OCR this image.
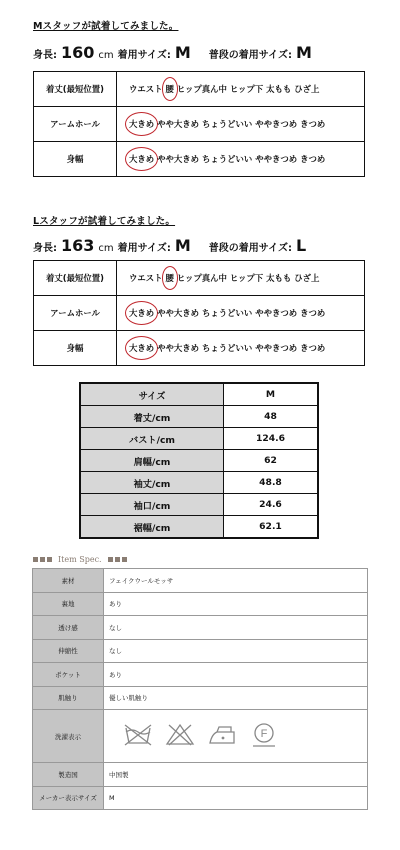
Mスタッフが試着してみました。
身長: 160 cm 着用サイズ: M 普段の着用サイズ: M
着丈(最短位置)	ウエスト 腰 ヒップ真ん中 ヒップ下 太もも ひざ上
アームホール	大きめ やや大きめ ちょうどいい ややきつめ きつめ
身幅	大きめ やや大きめ ちょうどいい ややきつめ きつめ
Lスタッフが試着してみました。
身長: 163 cm 着用サイズ: M 普段の着用サイズ: L
着丈(最短位置)	ウエスト 腰 ヒップ真ん中 ヒップ下 太もも ひざ上
アームホール	大きめ やや大きめ ちょうどいい ややきつめ きつめ
身幅	大きめ やや大きめ ちょうどいい ややきつめ きつめ
サイズ	M
着丈/cm	48
バスト/cm	124.6
肩幅/cm	62
袖丈/cm	48.8
袖口/cm	24.6
裾幅/cm	62.1
Item Spec.
素材	フェイクウールモッサ
裏地	あり
透け感	なし
伸縮性	なし
ポケット	あり
肌触り	優しい肌触り
洗濯表示	F

製造国	中国製
メーカー表示サイズ	M
